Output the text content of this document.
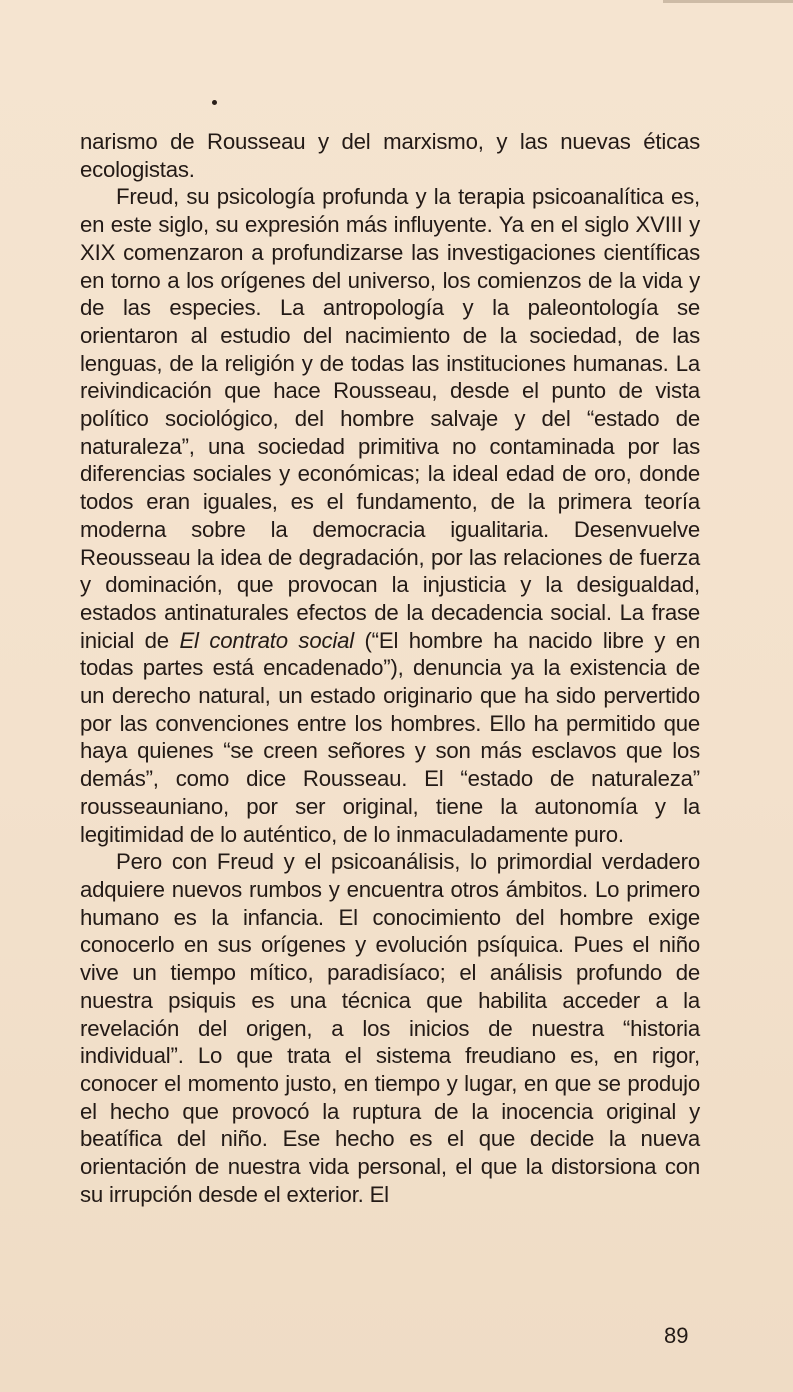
narismo de Rousseau y del marxismo, y las nuevas éticas ecologistas.

Freud, su psicología profunda y la terapia psicoanalítica es, en este siglo, su expresión más influyente. Ya en el siglo XVIII y XIX comenzaron a profundizarse las investigaciones científicas en torno a los orígenes del universo, los comienzos de la vida y de las especies. La antropología y la paleontología se orientaron al estudio del nacimiento de la sociedad, de las lenguas, de la religión y de todas las instituciones humanas. La reivindicación que hace Rousseau, desde el punto de vista político sociológico, del hombre salvaje y del “estado de naturaleza”, una sociedad primitiva no contaminada por las diferencias sociales y económicas; la ideal edad de oro, donde todos eran iguales, es el fundamento, de la primera teoría moderna sobre la democracia igualitaria. Desenvuelve Reousseau la idea de degradación, por las relaciones de fuerza y dominación, que provocan la injusticia y la desigualdad, estados antinaturales efectos de la decadencia social. La frase inicial de El contrato social (“El hombre ha nacido libre y en todas partes está encadenado”), denuncia ya la existencia de un derecho natural, un estado originario que ha sido pervertido por las convenciones entre los hombres. Ello ha permitido que haya quienes “se creen señores y son más esclavos que los demás”, como dice Rousseau. El “estado de naturaleza” rousseauniano, por ser original, tiene la autonomía y la legitimidad de lo auténtico, de lo inmaculadamente puro.

Pero con Freud y el psicoanálisis, lo primordial verdadero adquiere nuevos rumbos y encuentra otros ámbitos. Lo primero humano es la infancia. El conocimiento del hombre exige conocerlo en sus orígenes y evolución psíquica. Pues el niño vive un tiempo mítico, paradisíaco; el análisis profundo de nuestra psiquis es una técnica que habilita acceder a la revelación del origen, a los inicios de nuestra “historia individual”. Lo que trata el sistema freudiano es, en rigor, conocer el momento justo, en tiempo y lugar, en que se produjo el hecho que provocó la ruptura de la inocencia original y beatífica del niño. Ese hecho es el que decide la nueva orientación de nuestra vida personal, el que la distorsiona con su irrupción desde el exterior. El

89
